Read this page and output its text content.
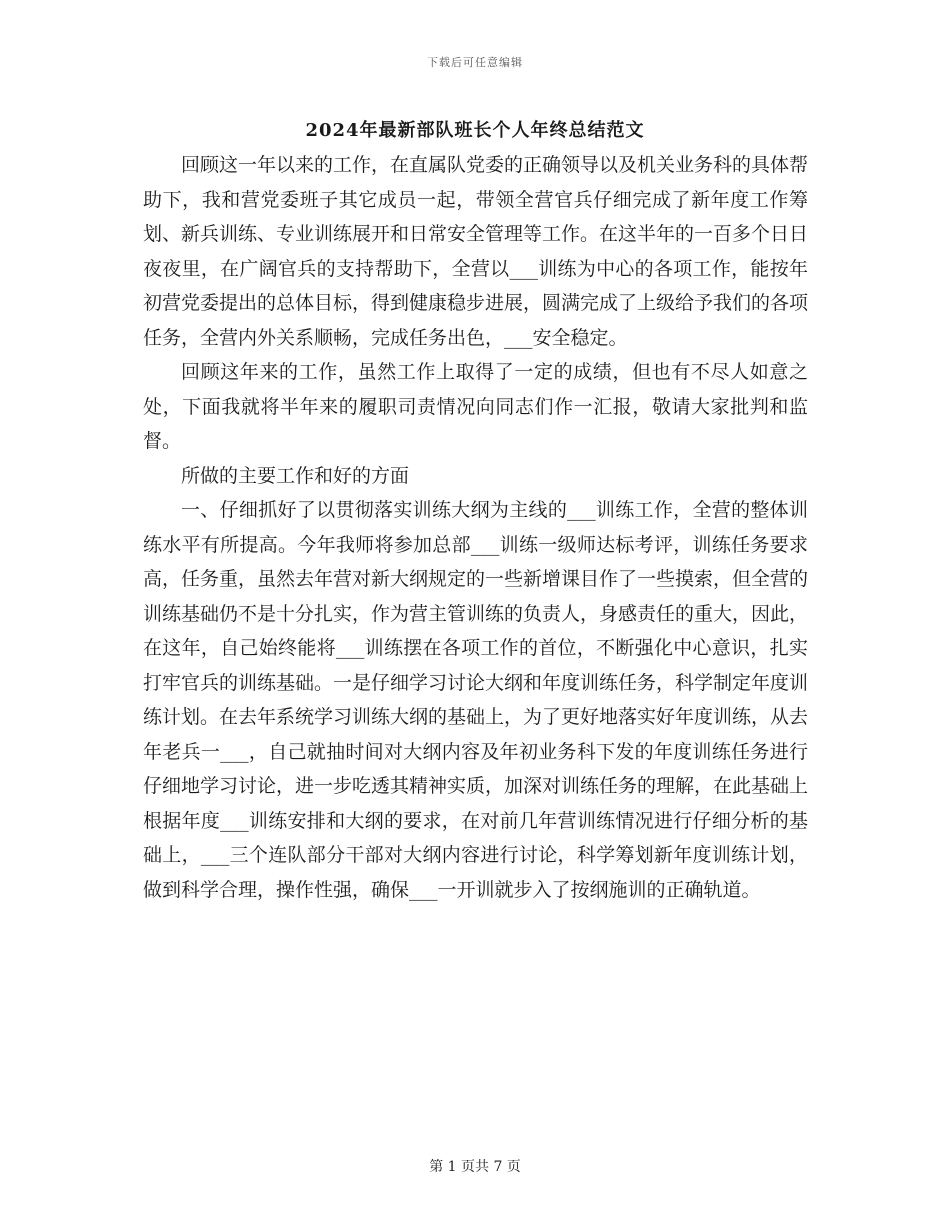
下载后可任意编辑
2024年最新部队班长个人年终总结范文

回顾这一年以来的工作，在直属队党委的正确领导以及机关业务科的具体帮助下，我和营党委班子其它成员一起，带领全营官兵仔细完成了新年度工作筹划、新兵训练、专业训练展开和日常安全管理等工作。在这半年的一百多个日日夜夜里，在广阔官兵的支持帮助下，全营以___训练为中心的各项工作，能按年初营党委提出的总体目标，得到健康稳步进展，圆满完成了上级给予我们的各项任务，全营内外关系顺畅，完成任务出色，___安全稳定。

回顾这年来的工作，虽然工作上取得了一定的成绩，但也有不尽人如意之处，下面我就将半年来的履职司责情况向同志们作一汇报，敬请大家批判和监督。

所做的主要工作和好的方面

一、仔细抓好了以贯彻落实训练大纲为主线的___训练工作，全营的整体训练水平有所提高。今年我师将参加总部___训练一级师达标考评，训练任务要求高，任务重，虽然去年营对新大纲规定的一些新增课目作了一些摸索，但全营的训练基础仍不是十分扎实，作为营主管训练的负责人，身感责任的重大，因此，在这年，自己始终能将___训练摆在各项工作的首位，不断强化中心意识，扎实打牢官兵的训练基础。一是仔细学习讨论大纲和年度训练任务，科学制定年度训练计划。在去年系统学习训练大纲的基础上，为了更好地落实好年度训练，从去年老兵一___，自己就抽时间对大纲内容及年初业务科下发的年度训练任务进行仔细地学习讨论，进一步吃透其精神实质，加深对训练任务的理解，在此基础上根据年度___训练安排和大纲的要求，在对前几年营训练情况进行仔细分析的基础上，___三个连队部分干部对大纲内容进行讨论，科学筹划新年度训练计划，做到科学合理，操作性强，确保___一开训就步入了按纲施训的正确轨道。

第 1 页共 7 页
